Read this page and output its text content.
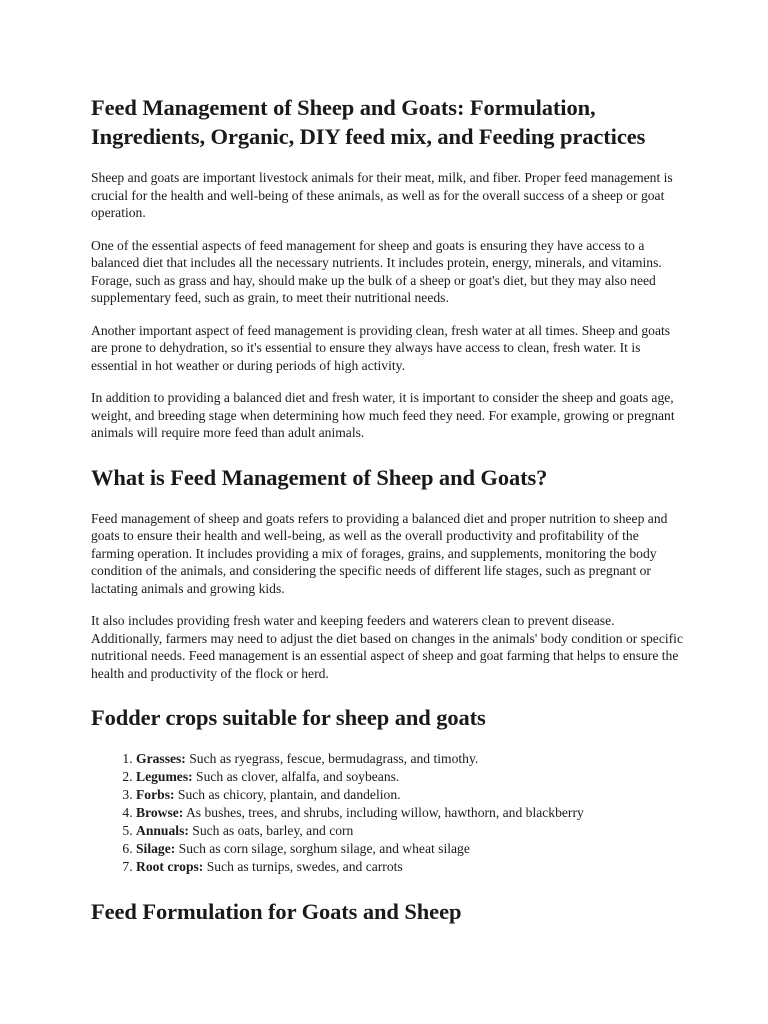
Feed Management of Sheep and Goats: Formulation, Ingredients, Organic, DIY feed mix, and Feeding practices

Sheep and goats are important livestock animals for their meat, milk, and fiber. Proper feed management is crucial for the health and well-being of these animals, as well as for the overall success of a sheep or goat operation.

One of the essential aspects of feed management for sheep and goats is ensuring they have access to a balanced diet that includes all the necessary nutrients. It includes protein, energy, minerals, and vitamins. Forage, such as grass and hay, should make up the bulk of a sheep or goat's diet, but they may also need supplementary feed, such as grain, to meet their nutritional needs.

Another important aspect of feed management is providing clean, fresh water at all times. Sheep and goats are prone to dehydration, so it's essential to ensure they always have access to clean, fresh water. It is essential in hot weather or during periods of high activity.

In addition to providing a balanced diet and fresh water, it is important to consider the sheep and goats age, weight, and breeding stage when determining how much feed they need. For example, growing or pregnant animals will require more feed than adult animals.

What is Feed Management of Sheep and Goats?

Feed management of sheep and goats refers to providing a balanced diet and proper nutrition to sheep and goats to ensure their health and well-being, as well as the overall productivity and profitability of the farming operation. It includes providing a mix of forages, grains, and supplements, monitoring the body condition of the animals, and considering the specific needs of different life stages, such as pregnant or lactating animals and growing kids.

It also includes providing fresh water and keeping feeders and waterers clean to prevent disease. Additionally, farmers may need to adjust the diet based on changes in the animals' body condition or specific nutritional needs. Feed management is an essential aspect of sheep and goat farming that helps to ensure the health and productivity of the flock or herd.

Fodder crops suitable for sheep and goats
1. Grasses: Such as ryegrass, fescue, bermudagrass, and timothy.
2. Legumes: Such as clover, alfalfa, and soybeans.
3. Forbs: Such as chicory, plantain, and dandelion.
4. Browse: As bushes, trees, and shrubs, including willow, hawthorn, and blackberry
5. Annuals: Such as oats, barley, and corn
6. Silage: Such as corn silage, sorghum silage, and wheat silage
7. Root crops: Such as turnips, swedes, and carrots
Feed Formulation for Goats and Sheep
